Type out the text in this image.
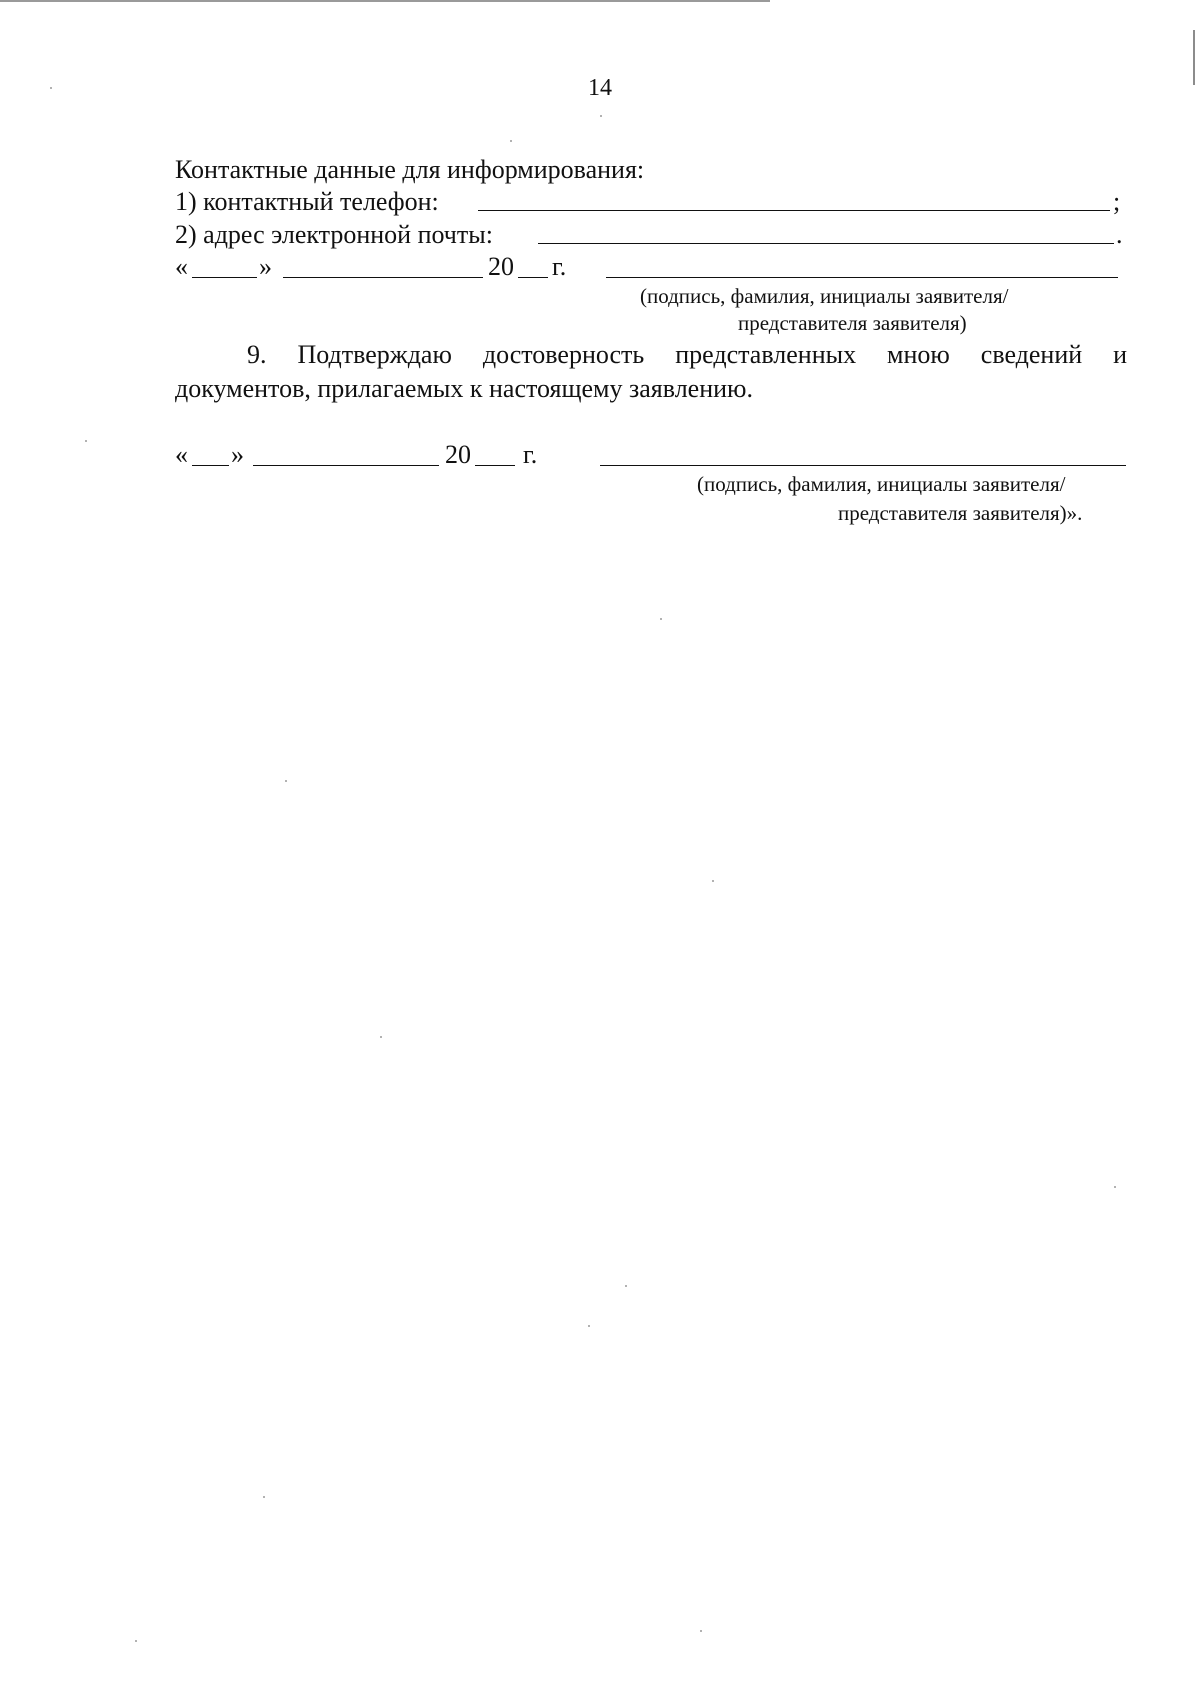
14
Контактные данные для информирования:
1) контактный телефон:	;
2) адрес электронной почты:	.
«	»	20 г.
(подпись, фамилия, инициалы заявителя/
представителя заявителя)
9. Подтверждаю достоверность представленных мною сведений и
документов, прилагаемых к настоящему заявлению.
« »	20 г.
(подпись, фамилия, инициалы заявителя/
представителя заявителя)».
